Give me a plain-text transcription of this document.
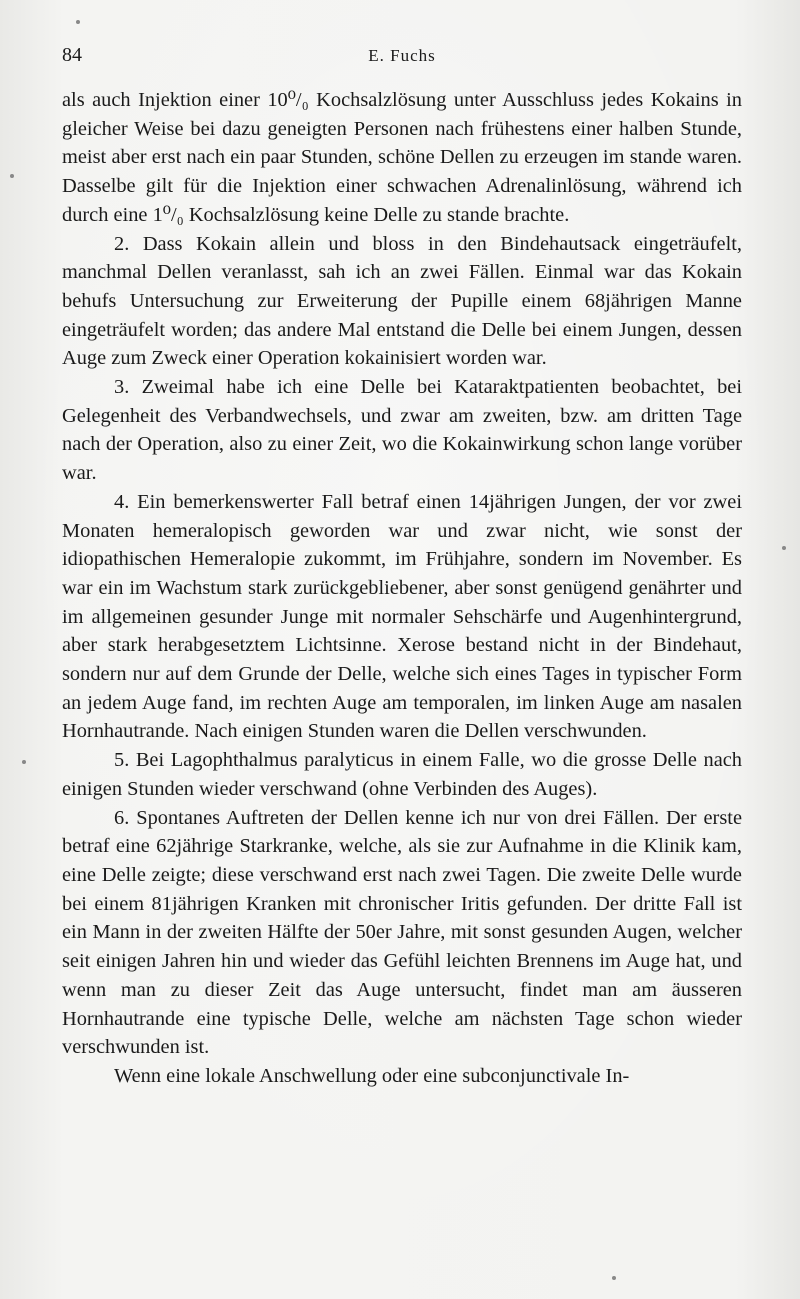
84	E. Fuchs

als auch Injektion einer 10⁰/₀ Kochsalzlösung unter Ausschluss jedes Kokains in gleicher Weise bei dazu geneigten Personen nach frühestens einer halben Stunde, meist aber erst nach ein paar Stunden, schöne Dellen zu erzeugen im stande waren. Dasselbe gilt für die Injektion einer schwachen Adrenalinlösung, während ich durch eine 1⁰/₀ Kochsalzlösung keine Delle zu stande brachte.

2. Dass Kokain allein und bloss in den Bindehautsack eingeträufelt, manchmal Dellen veranlasst, sah ich an zwei Fällen. Einmal war das Kokain behufs Untersuchung zur Erweiterung der Pupille einem 68jährigen Manne eingeträufelt worden; das andere Mal entstand die Delle bei einem Jungen, dessen Auge zum Zweck einer Operation kokainisiert worden war.

3. Zweimal habe ich eine Delle bei Kataraktpatienten beobachtet, bei Gelegenheit des Verbandwechsels, und zwar am zweiten, bzw. am dritten Tage nach der Operation, also zu einer Zeit, wo die Kokainwirkung schon lange vorüber war.

4. Ein bemerkenswerter Fall betraf einen 14jährigen Jungen, der vor zwei Monaten hemeralopisch geworden war und zwar nicht, wie sonst der idiopathischen Hemeralopie zukommt, im Frühjahre, sondern im November. Es war ein im Wachstum stark zurückgebliebener, aber sonst genügend genährter und im allgemeinen gesunder Junge mit normaler Sehschärfe und Augenhintergrund, aber stark herabgesetztem Lichtsinne. Xerose bestand nicht in der Bindehaut, sondern nur auf dem Grunde der Delle, welche sich eines Tages in typischer Form an jedem Auge fand, im rechten Auge am temporalen, im linken Auge am nasalen Hornhautrande. Nach einigen Stunden waren die Dellen verschwunden.

5. Bei Lagophthalmus paralyticus in einem Falle, wo die grosse Delle nach einigen Stunden wieder verschwand (ohne Verbinden des Auges).

6. Spontanes Auftreten der Dellen kenne ich nur von drei Fällen. Der erste betraf eine 62jährige Starkranke, welche, als sie zur Aufnahme in die Klinik kam, eine Delle zeigte; diese verschwand erst nach zwei Tagen. Die zweite Delle wurde bei einem 81jährigen Kranken mit chronischer Iritis gefunden. Der dritte Fall ist ein Mann in der zweiten Hälfte der 50er Jahre, mit sonst gesunden Augen, welcher seit einigen Jahren hin und wieder das Gefühl leichten Brennens im Auge hat, und wenn man zu dieser Zeit das Auge untersucht, findet man am äusseren Hornhautrande eine typische Delle, welche am nächsten Tage schon wieder verschwunden ist.

Wenn eine lokale Anschwellung oder eine subconjunctivale In-
